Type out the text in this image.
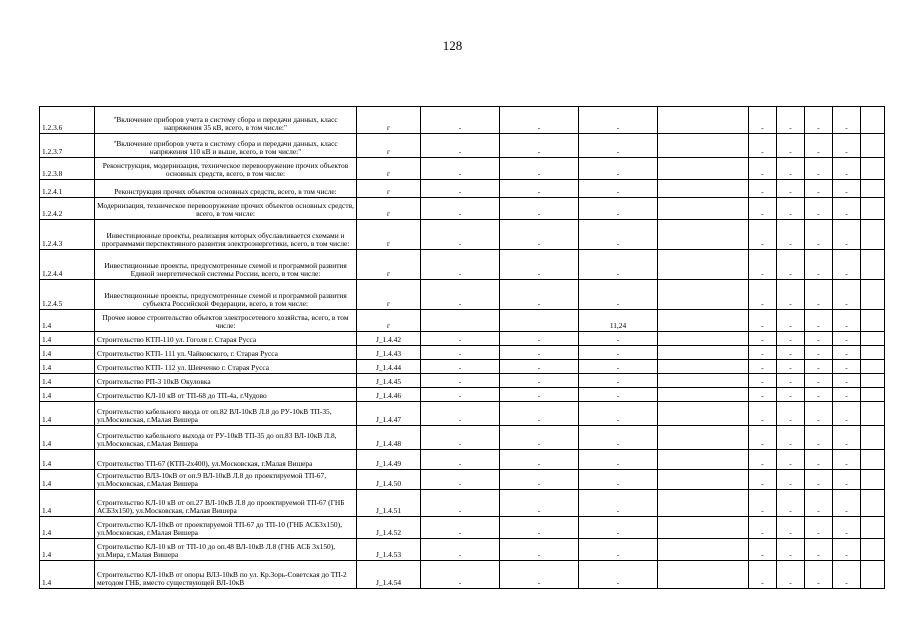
128
1.2.3.6	"Включение приборов учета в систему сбора и передачи данных, класс напряжения 35 кВ, всего, в том числе:"	г	-	-	-		-	-	-	-	
1.2.3.7	"Включение приборов учета в систему сбора и передачи данных, класс напряжения 110 кВ и выше, всего, в том числе:"	г	-	-	-		-	-	-	-	
1.2.3.8	Реконструкция, модернизация, техническое перевооружение прочих объектов основных средств, всего, в том числе:	г	-	-	-		-	-	-	-	
1.2.4.1	Реконструкция прочих объектов основных средств, всего, в том числе:	г	-	-	-		-	-	-	-	
1.2.4.2	Модернизация, техническое перевооружение прочих объектов основных средств, всего, в том числе:	г	-	-	-		-	-	-	-	
1.2.4.3	Инвестиционные проекты, реализация которых обуславливается схемами и программами перспективного развития электроэнергетики, всего, в том числе:	г	-	-	-		-	-	-	-	
1.2.4.4	Инвестиционные проекты, предусмотренные схемой и программой развития Единой энергетической системы России, всего, в том числе:	г	-	-	-		-	-	-	-	
1.2.4.5	Инвестиционные проекты, предусмотренные схемой и программой развития субъекта Российской Федерации, всего, в том числе:	г	-	-	-		-	-	-	-	
1.4	Прочее новое строительство объектов электросетевого хозяйства, всего, в том числе:	г			11,24		-	-	-	-	
1.4	Строительство КТП-110 ул. Гоголя г. Старая Русса	J_1.4.42	-	-	-		-	-	-	-	
1.4	Строительство КТП- 111 ул. Чайковского, г. Старая Русса	J_1.4.43	-	-	-		-	-	-	-	
1.4	Строительство КТП- 112 ул. Шевченко г. Старая Русса	J_1.4.44	-	-	-		-	-	-	-	
1.4	Строительство РП-3 10кВ Окуловка	J_1.4.45	-	-	-		-	-	-	-	
1.4	Строительство КЛ-10 кВ от ТП-68 до ТП-4а, г.Чудово	J_1.4.46	-	-	-		-	-	-	-	
1.4	Строительство кабельного ввода от оп.82 ВЛ-10кВ Л.8 до РУ-10кВ ТП-35, ул.Московская, г.Малая Вишера	J_1.4.47	-	-	-		-	-	-	-	
1.4	Строительство кабельного выхода от РУ-10кВ ТП-35 до оп.83 ВЛ-10кВ Л.8, ул.Московская, г.Малая Вишера	J_1.4.48	-	-	-		-	-	-	-	
1.4	Строительство ТП-67 (КТП-2х400), ул.Московская, г.Малая Вишера	J_1.4.49	-	-	-		-	-	-	-	
1.4	Строительство ВЛЗ-10кВ от оп.9 ВЛ-10кВ Л.8 до проектируемой ТП-67, ул.Московская, г.Малая Вишера	J_1.4.50	-	-	-		-	-	-	-	
1.4	Строительство КЛ-10 кВ от оп.27 ВЛ-10кВ Л.8 до проектируемой ТП-67 (ГНБ АСБ3х150), ул.Московская, г.Малая Вишера	J_1.4.51	-	-	-		-	-	-	-	
1.4	Строительство КЛ-10кВ от проектируемой ТП-67 до ТП-10 (ГНБ АСБ3х150), ул.Московская, г.Малая Вишера	J_1.4.52	-	-	-		-	-	-	-	
1.4	Строительство КЛ-10 кВ от ТП-10 до оп.48 ВЛ-10кВ Л.8 (ГНБ АСБ 3х150), ул.Мира, г.Малая Вишера	J_1.4.53	-	-	-		-	-	-	-	
1.4	Строительство КЛ-10кВ от опоры ВЛЗ-10кВ по ул. Кр.Зорь-Советская до ТП-2 методом ГНБ, вместо существующей ВЛ-10кВ	J_1.4.54	-	-	-		-	-	-	-	
